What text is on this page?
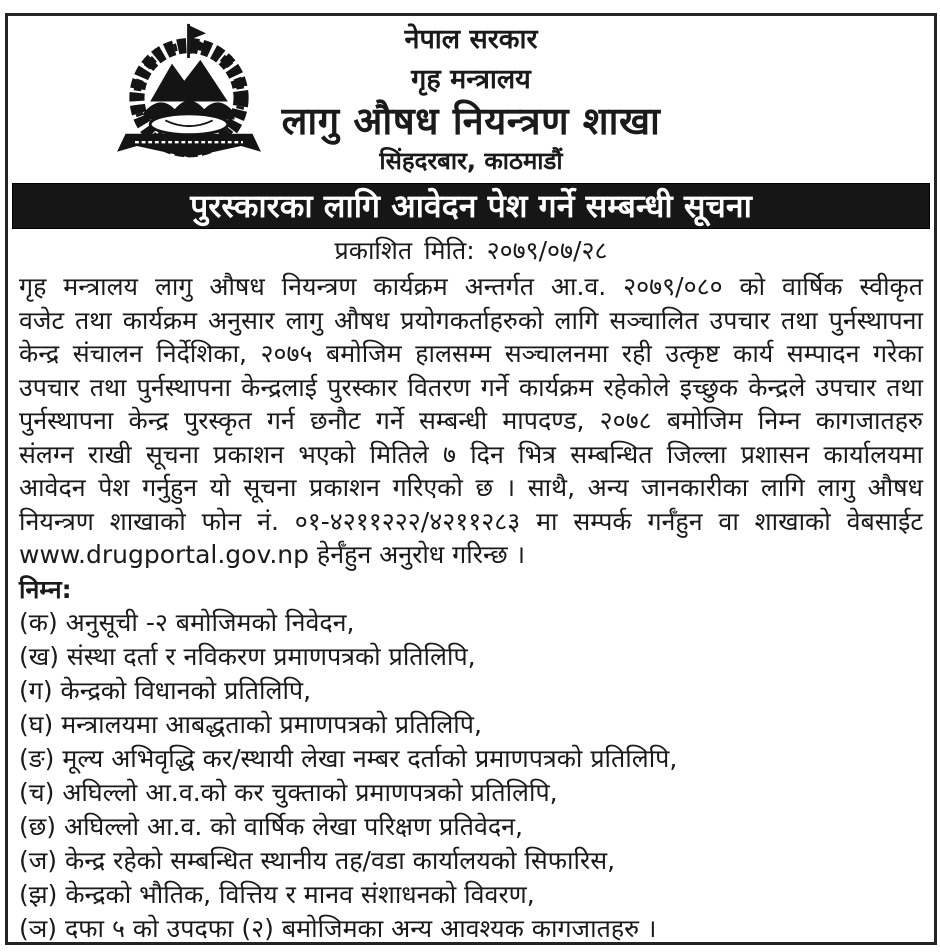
नेपाल सरकार
गृह मन्त्रालय
लागु औषध नियन्त्रण शाखा
सिंहदरबार, काठमाडौं
पुरस्कारका लागि आवेदन पेश गर्ने सम्बन्धी सूचना
प्रकाशित मिति: २०७९/०७/२८
गृह मन्त्रालय लागु औषध नियन्त्रण कार्यक्रम अन्तर्गत आ.व. २०७९/०८० को वार्षिक स्वीकृत
वजेट तथा कार्यक्रम अनुसार लागु औषध प्रयोगकर्ताहरुको लागि सञ्चालित उपचार तथा पुर्नस्थापना
केन्द्र संचालन निर्देशिका, २०७५ बमोजिम हालसम्म सञ्चालनमा रही उत्कृष्ट कार्य सम्पादन गरेका
उपचार तथा पुर्नस्थापना केन्द्रलाई पुरस्कार वितरण गर्ने कार्यक्रम रहेकोले इच्छुक केन्द्रले उपचार तथा
पुर्नस्थापना केन्द्र पुरस्कृत गर्न छनौट गर्ने सम्बन्धी मापदण्ड, २०७८ बमोजिम निम्न कागजातहरु
संलग्न राखी सूचना प्रकाशन भएको मितिले ७ दिन भित्र सम्बन्धित जिल्ला प्रशासन कार्यालयमा
आवेदन पेश गर्नुहुन यो सूचना प्रकाशन गरिएको छ । साथै, अन्य जानकारीका लागि लागु औषध
नियन्त्रण शाखाको फोन नं. ०१-४२११२२२/४२११२८३ मा सम्पर्क गर्नँहुन वा शाखाको वेबसाईट
www.drugportal.gov.np हेर्नँहुन अनुरोध गरिन्छ ।
निम्न:
(क) अनुसूची -२ बमोजिमको निवेदन,
(ख) संस्था दर्ता र नविकरण प्रमाणपत्रको प्रतिलिपि,
(ग) केन्द्रको विधानको प्रतिलिपि,
(घ) मन्त्रालयमा आबद्धताको प्रमाणपत्रको प्रतिलिपि,
(ङ) मूल्य अभिवृद्धि कर/स्थायी लेखा नम्बर दर्ताको प्रमाणपत्रको प्रतिलिपि,
(च) अघिल्लो आ.व.को कर चुक्ताको प्रमाणपत्रको प्रतिलिपि,
(छ) अघिल्लो आ.व. को वार्षिक लेखा परिक्षण प्रतिवेदन,
(ज) केन्द्र रहेको सम्बन्धित स्थानीय तह/वडा कार्यालयको सिफारिस,
(झ) केन्द्रको भौतिक, वित्तिय र मानव संशाधनको विवरण,
(ञ) दफा ५ को उपदफा (२) बमोजिमका अन्य आवश्यक कागजातहरु ।
